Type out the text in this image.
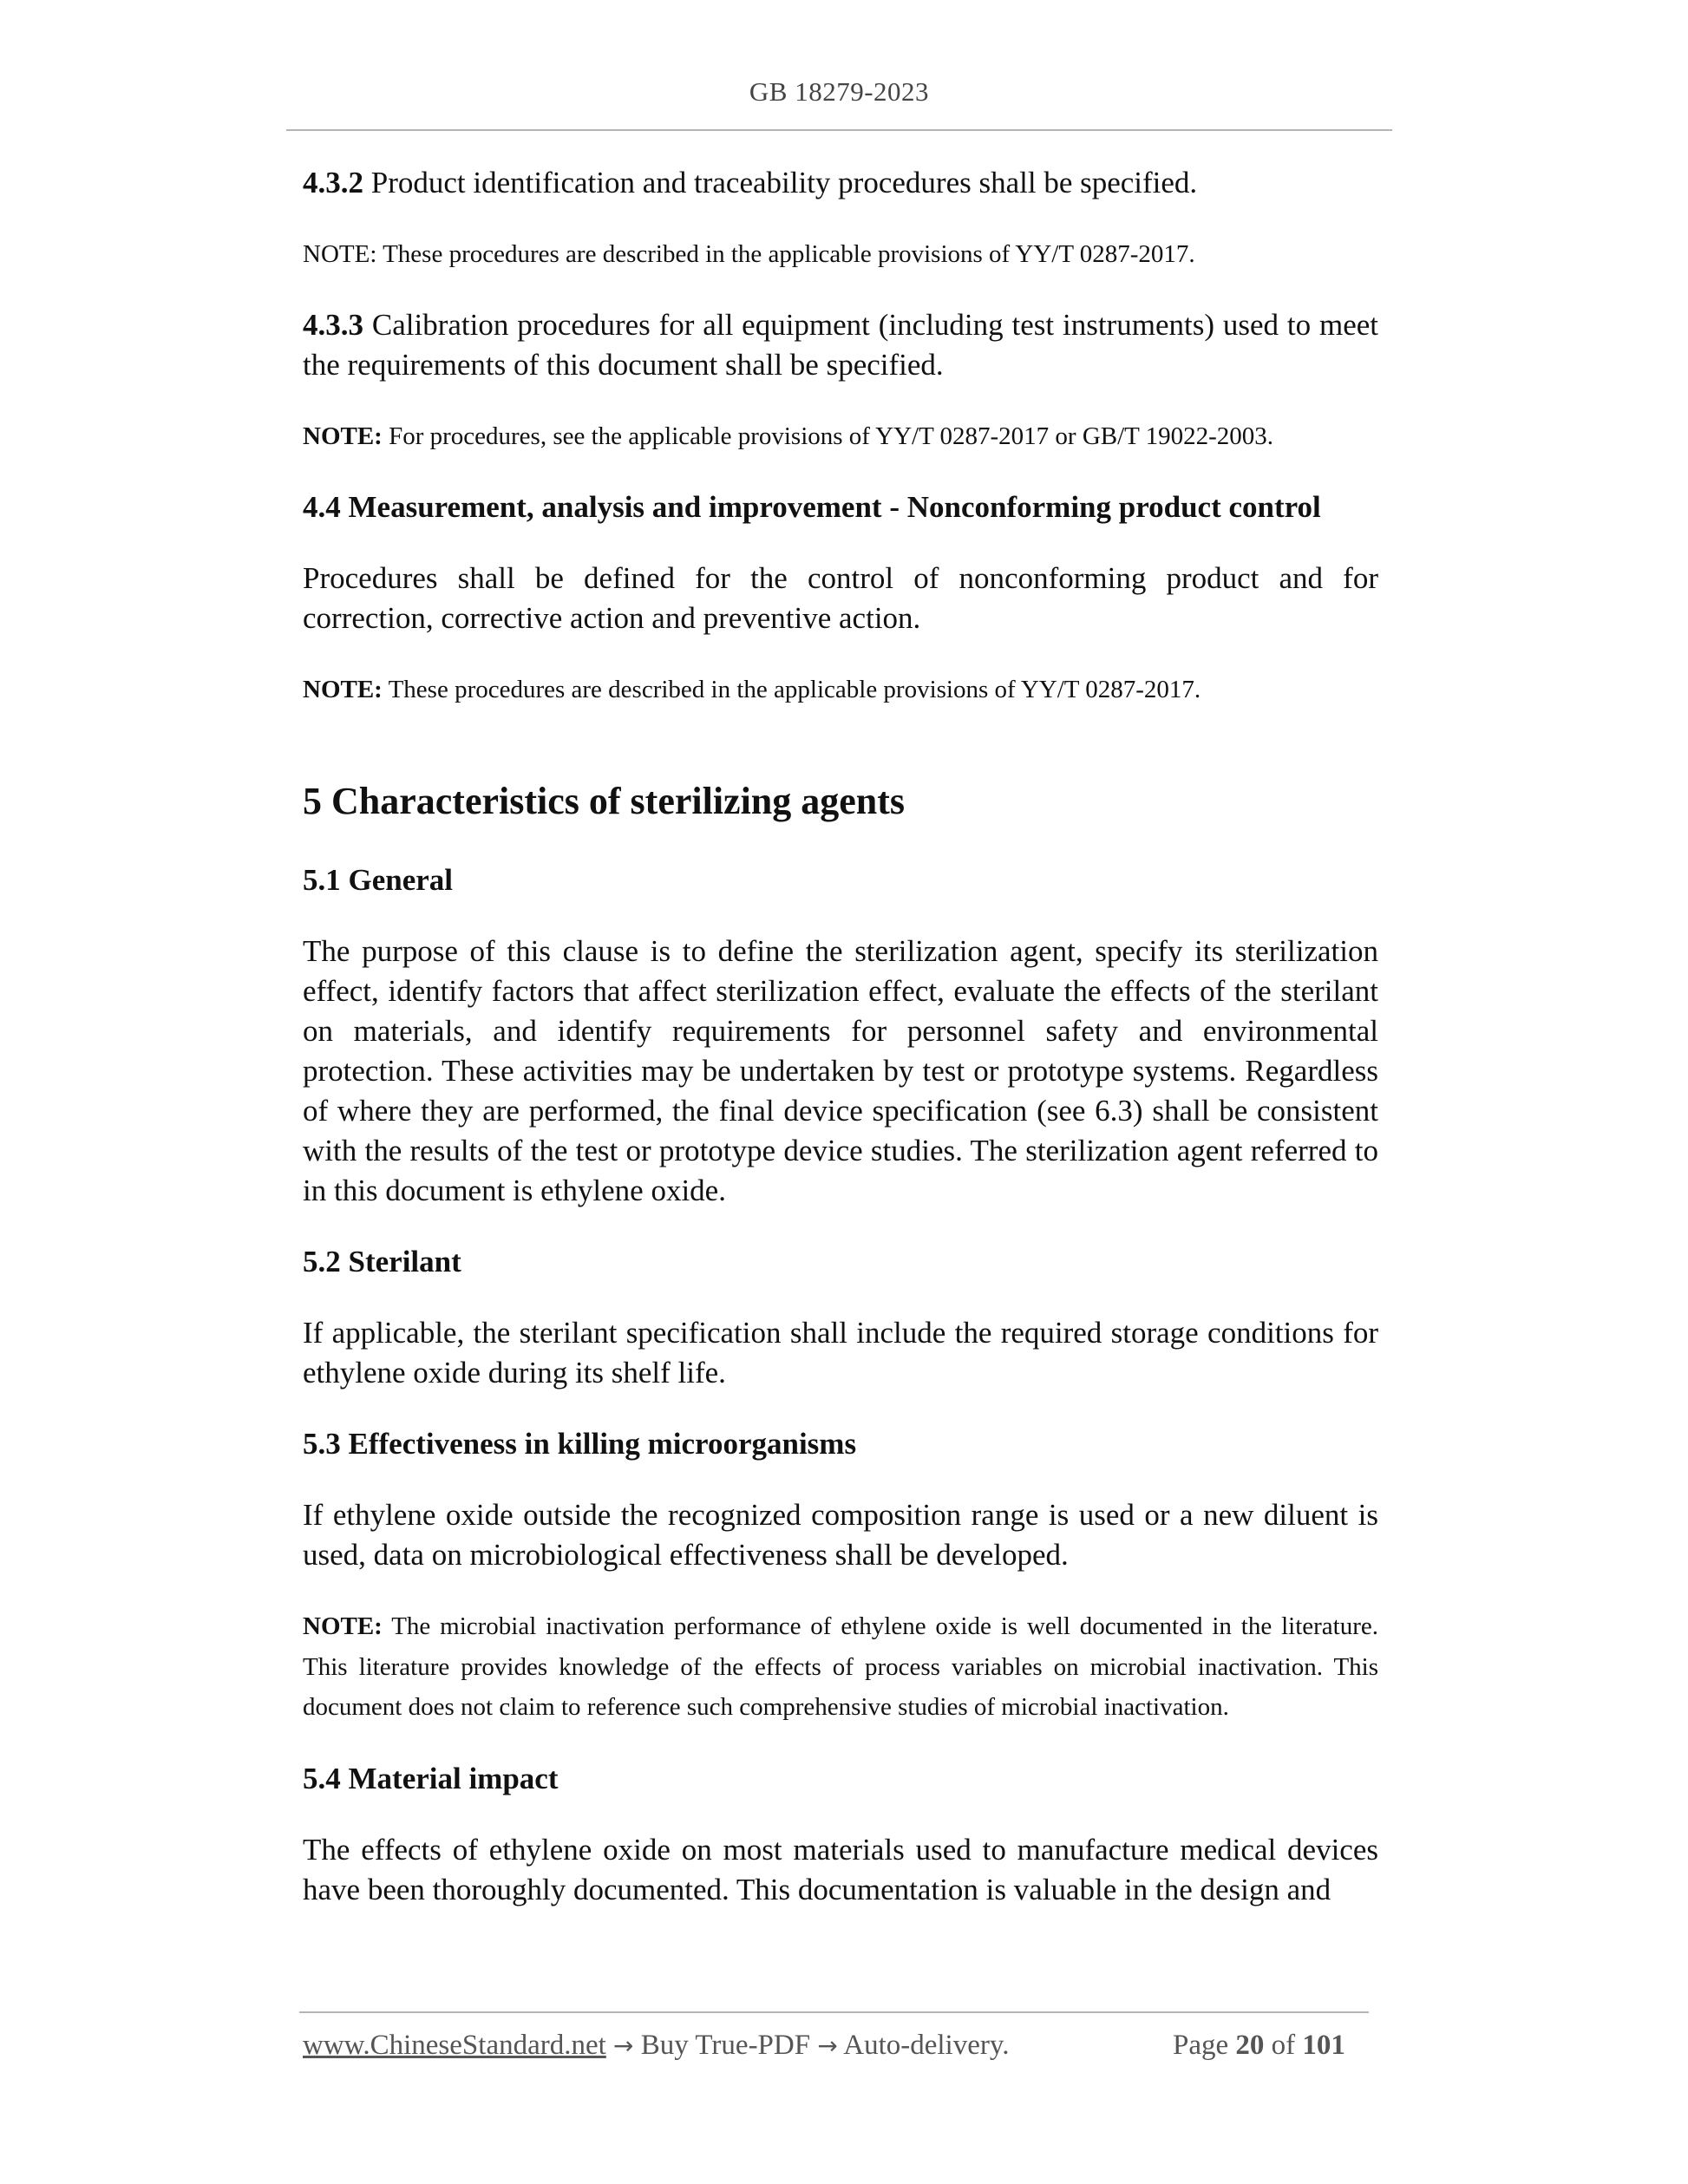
GB 18279-2023

4.3.2 Product identification and traceability procedures shall be specified.

NOTE: These procedures are described in the applicable provisions of YY/T 0287-2017.

4.3.3 Calibration procedures for all equipment (including test instruments) used to meet the requirements of this document shall be specified.

NOTE: For procedures, see the applicable provisions of YY/T 0287-2017 or GB/T 19022-2003.

4.4 Measurement, analysis and improvement - Nonconforming product control

Procedures shall be defined for the control of nonconforming product and for correction, corrective action and preventive action.

NOTE: These procedures are described in the applicable provisions of YY/T 0287-2017.

5 Characteristics of sterilizing agents

5.1 General

The purpose of this clause is to define the sterilization agent, specify its sterilization effect, identify factors that affect sterilization effect, evaluate the effects of the sterilant on materials, and identify requirements for personnel safety and environmental protection. These activities may be undertaken by test or prototype systems. Regardless of where they are performed, the final device specification (see 6.3) shall be consistent with the results of the test or prototype device studies. The sterilization agent referred to in this document is ethylene oxide.

5.2 Sterilant

If applicable, the sterilant specification shall include the required storage conditions for ethylene oxide during its shelf life.

5.3 Effectiveness in killing microorganisms

If ethylene oxide outside the recognized composition range is used or a new diluent is used, data on microbiological effectiveness shall be developed.

NOTE: The microbial inactivation performance of ethylene oxide is well documented in the literature. This literature provides knowledge of the effects of process variables on microbial inactivation. This document does not claim to reference such comprehensive studies of microbial inactivation.

5.4 Material impact

The effects of ethylene oxide on most materials used to manufacture medical devices have been thoroughly documented. This documentation is valuable in the design and

www.ChineseStandard.net → Buy True-PDF → Auto-delivery.	Page 20 of 101
